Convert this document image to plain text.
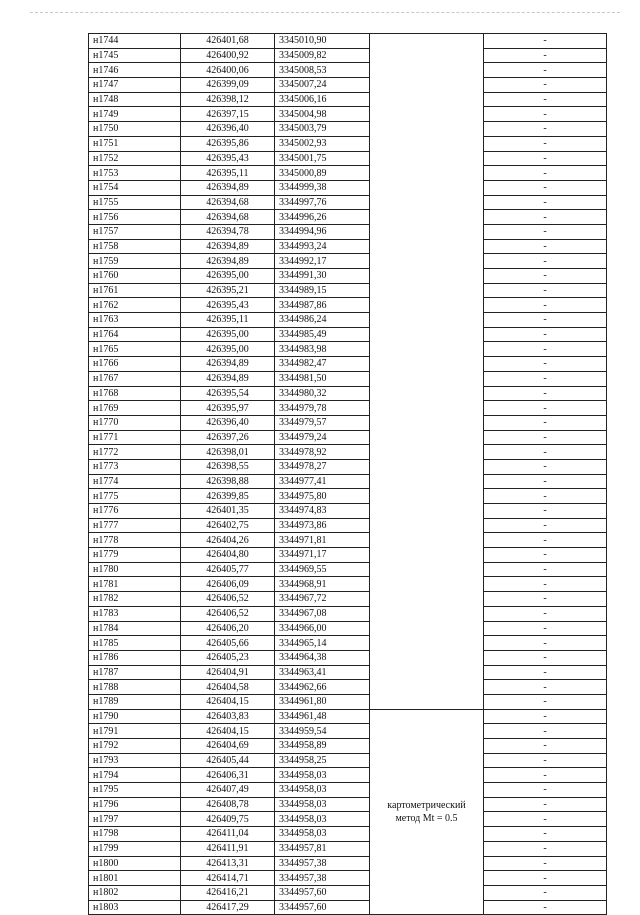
н1744	426401,68	3345010,90		-
н1745	426400,92	3345009,82		-
н1746	426400,06	3345008,53		-
н1747	426399,09	3345007,24		-
н1748	426398,12	3345006,16		-
н1749	426397,15	3345004,98		-
н1750	426396,40	3345003,79		-
н1751	426395,86	3345002,93		-
н1752	426395,43	3345001,75		-
н1753	426395,11	3345000,89		-
н1754	426394,89	3344999,38		-
н1755	426394,68	3344997,76		-
н1756	426394,68	3344996,26		-
н1757	426394,78	3344994,96		-
н1758	426394,89	3344993,24		-
н1759	426394,89	3344992,17		-
н1760	426395,00	3344991,30		-
н1761	426395,21	3344989,15		-
н1762	426395,43	3344987,86		-
н1763	426395,11	3344986,24		-
н1764	426395,00	3344985,49		-
н1765	426395,00	3344983,98		-
н1766	426394,89	3344982,47		-
н1767	426394,89	3344981,50		-
н1768	426395,54	3344980,32		-
н1769	426395,97	3344979,78		-
н1770	426396,40	3344979,57		-
н1771	426397,26	3344979,24		-
н1772	426398,01	3344978,92		-
н1773	426398,55	3344978,27		-
н1774	426398,88	3344977,41		-
н1775	426399,85	3344975,80		-
н1776	426401,35	3344974,83		-
н1777	426402,75	3344973,86		-
н1778	426404,26	3344971,81		-
н1779	426404,80	3344971,17		-
н1780	426405,77	3344969,55		-
н1781	426406,09	3344968,91		-
н1782	426406,52	3344967,72		-
н1783	426406,52	3344967,08		-
н1784	426406,20	3344966,00		-
н1785	426405,66	3344965,14		-
н1786	426405,23	3344964,38		-
н1787	426404,91	3344963,41		-
н1788	426404,58	3344962,66		-
н1789	426404,15	3344961,80		-
н1790	426403,83	3344961,48	картометрический
метод Mt = 0.5	-
н1791	426404,15	3344959,54		-
н1792	426404,69	3344958,89		-
н1793	426405,44	3344958,25		-
н1794	426406,31	3344958,03		-
н1795	426407,49	3344958,03		-
н1796	426408,78	3344958,03		-
н1797	426409,75	3344958,03		-
н1798	426411,04	3344958,03		-
н1799	426411,91	3344957,81		-
н1800	426413,31	3344957,38		-
н1801	426414,71	3344957,38		-
н1802	426416,21	3344957,60		-
н1803	426417,29	3344957,60		-
